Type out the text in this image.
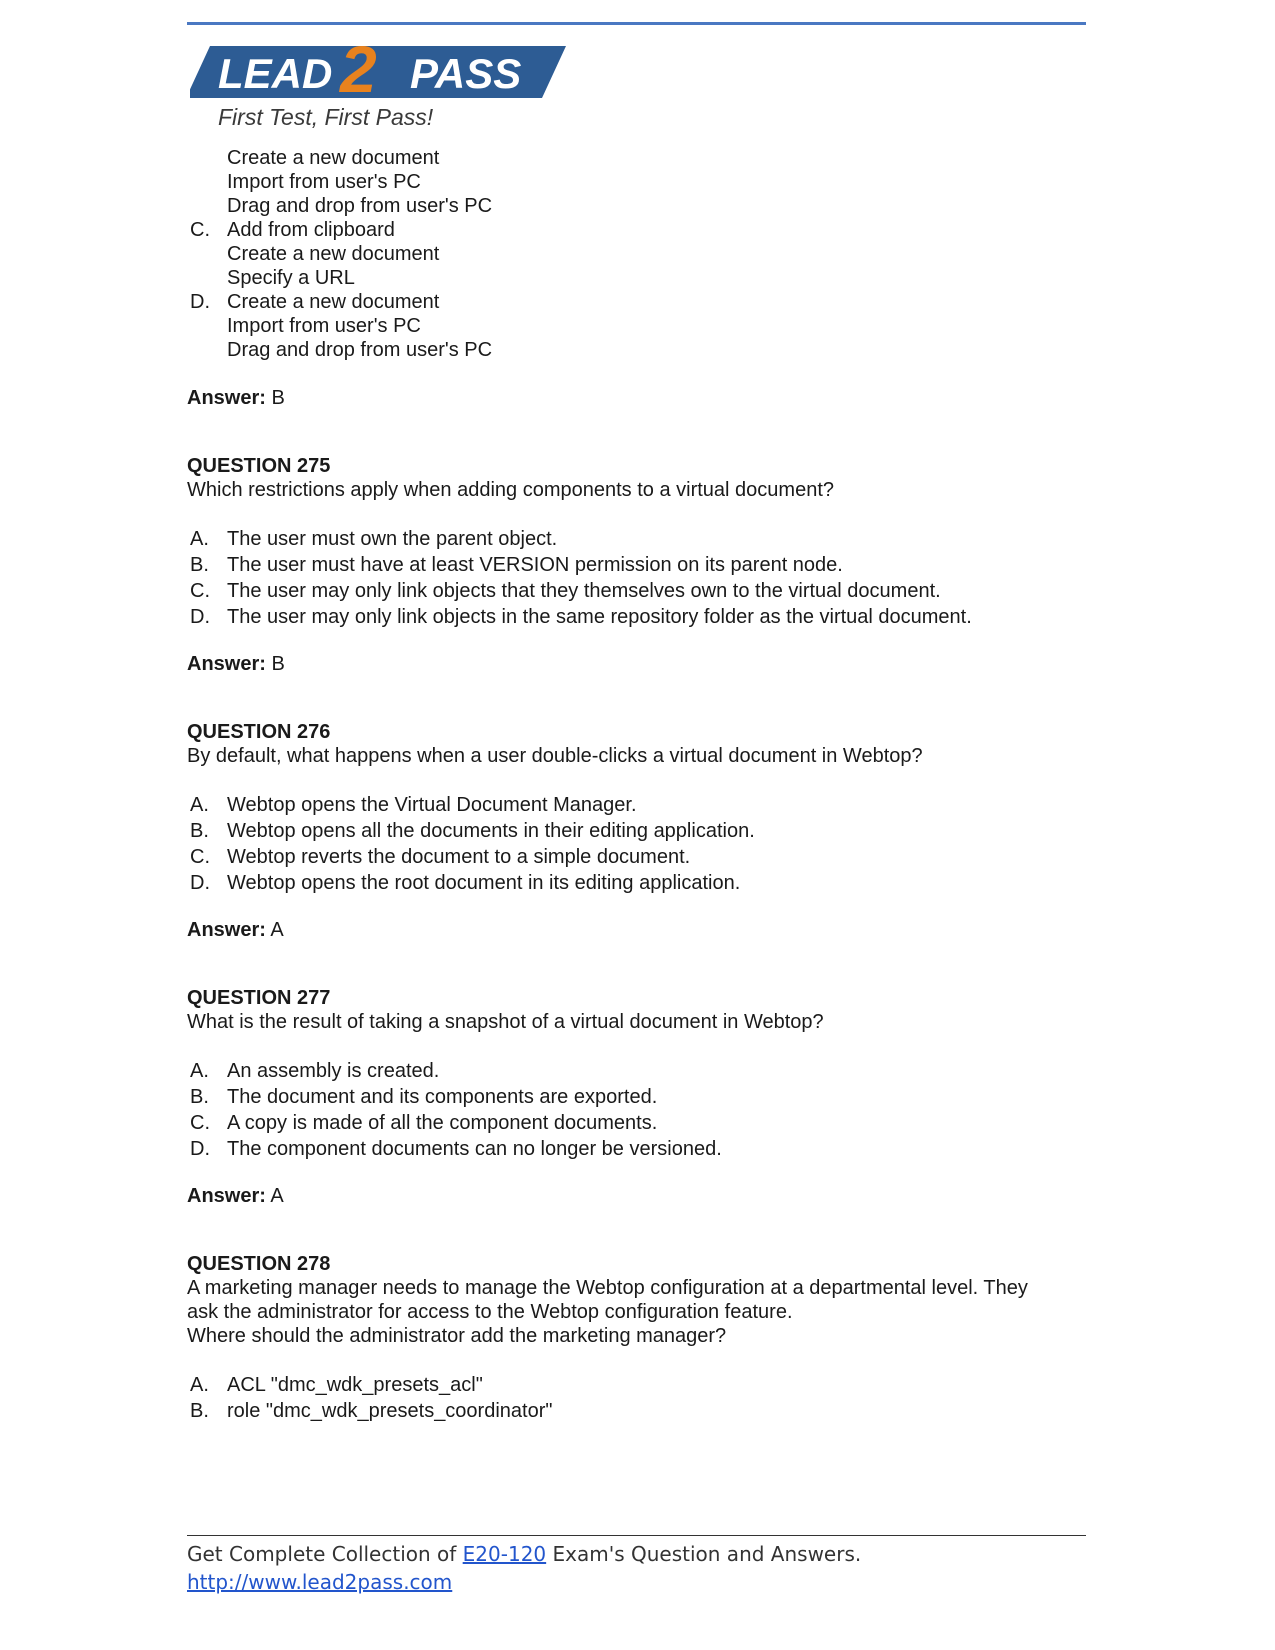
LEAD 2 PASS
First Test, First Pass!
Create a new document
Import from user's PC
Drag and drop from user's PC
C. Add from clipboard
Create a new document
Specify a URL
D. Create a new document
Import from user's PC
Drag and drop from user's PC
Answer: B
QUESTION 275
Which restrictions apply when adding components to a virtual document?
A. The user must own the parent object.
B. The user must have at least VERSION permission on its parent node.
C. The user may only link objects that they themselves own to the virtual document.
D. The user may only link objects in the same repository folder as the virtual document.
Answer: B
QUESTION 276
By default, what happens when a user double-clicks a virtual document in Webtop?
A. Webtop opens the Virtual Document Manager.
B. Webtop opens all the documents in their editing application.
C. Webtop reverts the document to a simple document.
D. Webtop opens the root document in its editing application.
Answer: A
QUESTION 277
What is the result of taking a snapshot of a virtual document in Webtop?
A. An assembly is created.
B. The document and its components are exported.
C. A copy is made of all the component documents.
D. The component documents can no longer be versioned.
Answer: A
QUESTION 278
A marketing manager needs to manage the Webtop configuration at a departmental level. They
ask the administrator for access to the Webtop configuration feature.
Where should the administrator add the marketing manager?
A. ACL "dmc_wdk_presets_acl"
B. role "dmc_wdk_presets_coordinator"
Get Complete Collection of E20-120 Exam's Question and Answers.
http://www.lead2pass.com
